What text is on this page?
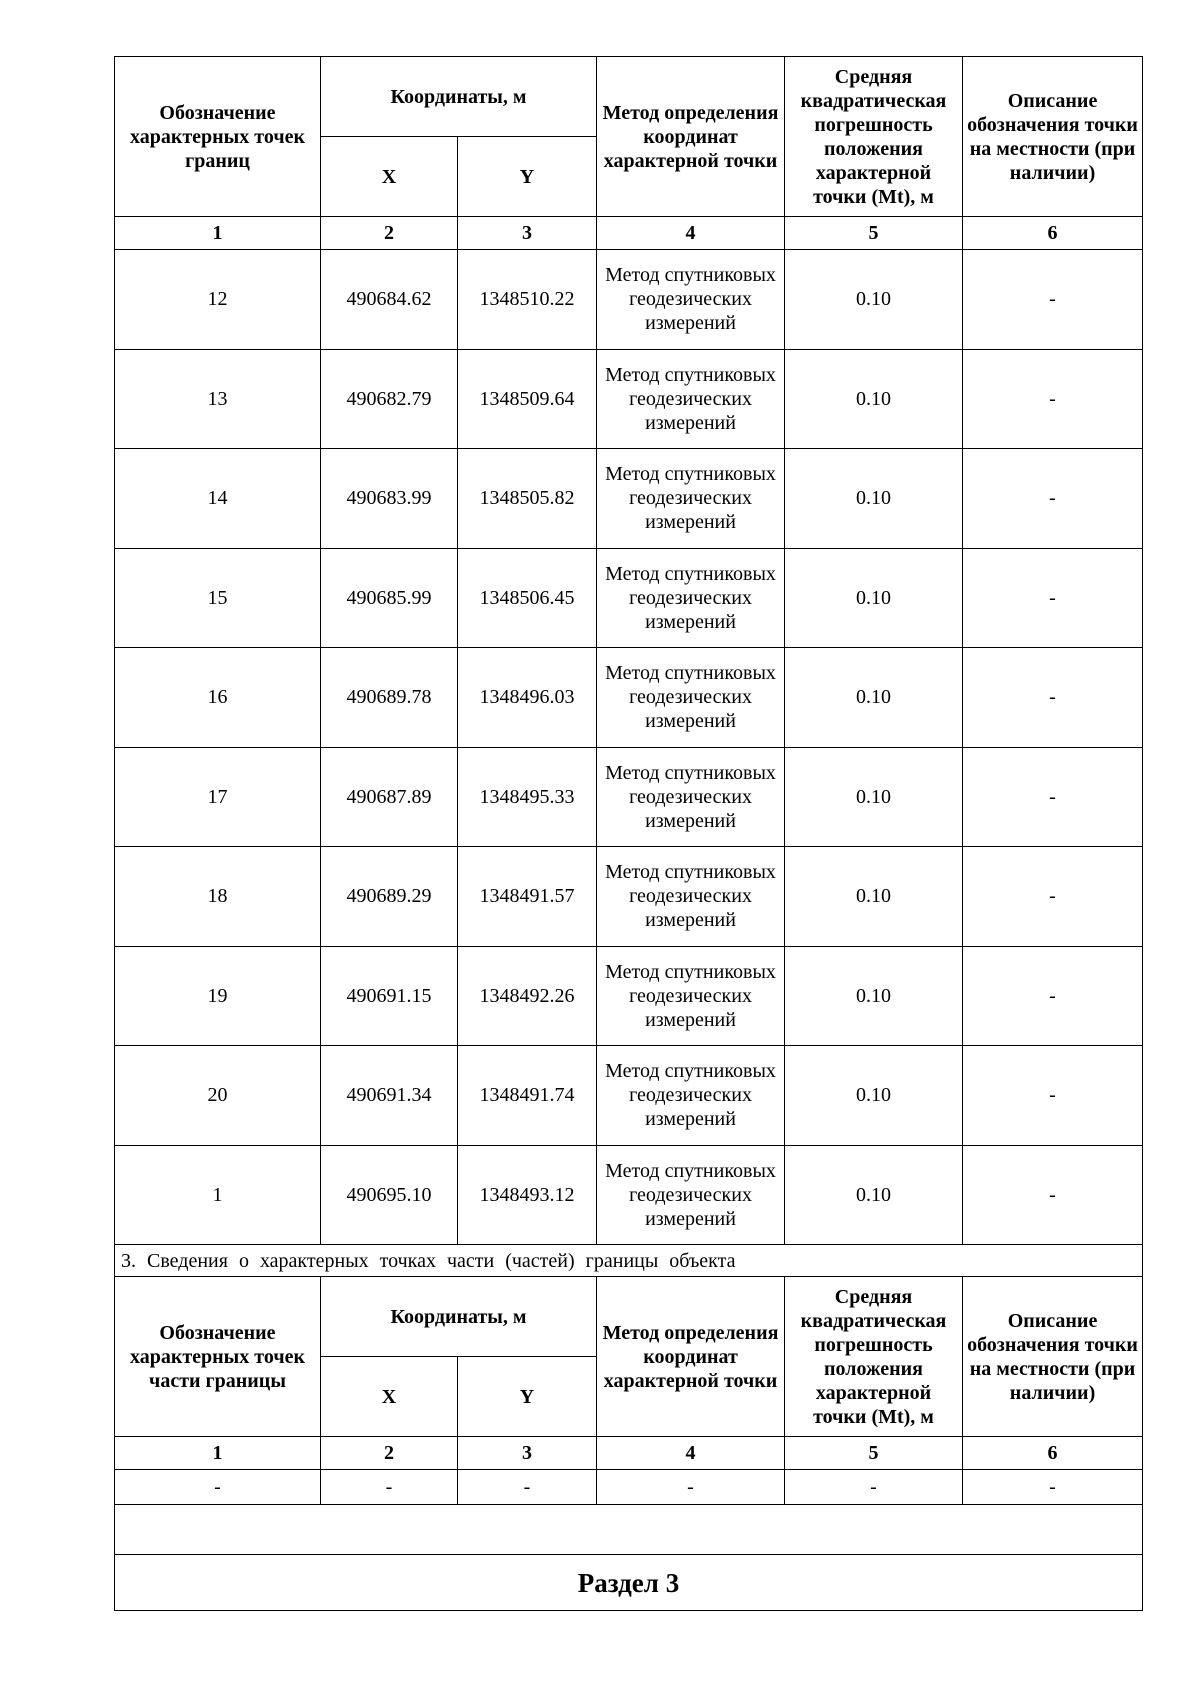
Обозначение характерных точек границ	Координаты, м		Метод определения координат характерной точки	Средняя квадратическая погрешность положения характерной точки (Mt), м	Описание обозначения точки на местности (при наличии)
	X	Y			
1	2	3	4	5	6
12	490684.62	1348510.22	Метод спутниковых геодезических измерений	0.10	-
13	490682.79	1348509.64	Метод спутниковых геодезических измерений	0.10	-
14	490683.99	1348505.82	Метод спутниковых геодезических измерений	0.10	-
15	490685.99	1348506.45	Метод спутниковых геодезических измерений	0.10	-
16	490689.78	1348496.03	Метод спутниковых геодезических измерений	0.10	-
17	490687.89	1348495.33	Метод спутниковых геодезических измерений	0.10	-
18	490689.29	1348491.57	Метод спутниковых геодезических измерений	0.10	-
19	490691.15	1348492.26	Метод спутниковых геодезических измерений	0.10	-
20	490691.34	1348491.74	Метод спутниковых геодезических измерений	0.10	-
1	490695.10	1348493.12	Метод спутниковых геодезических измерений	0.10	-
3. Сведения о характерных точках части (частей) границы объекта					
Обозначение характерных точек части границы	Координаты, м		Метод определения координат характерной точки	Средняя квадратическая погрешность положения характерной точки (Mt), м	Описание обозначения точки на местности (при наличии)
	X	Y			
1	2	3	4	5	6
-	-	-	-	-	-

Раздел 3					
